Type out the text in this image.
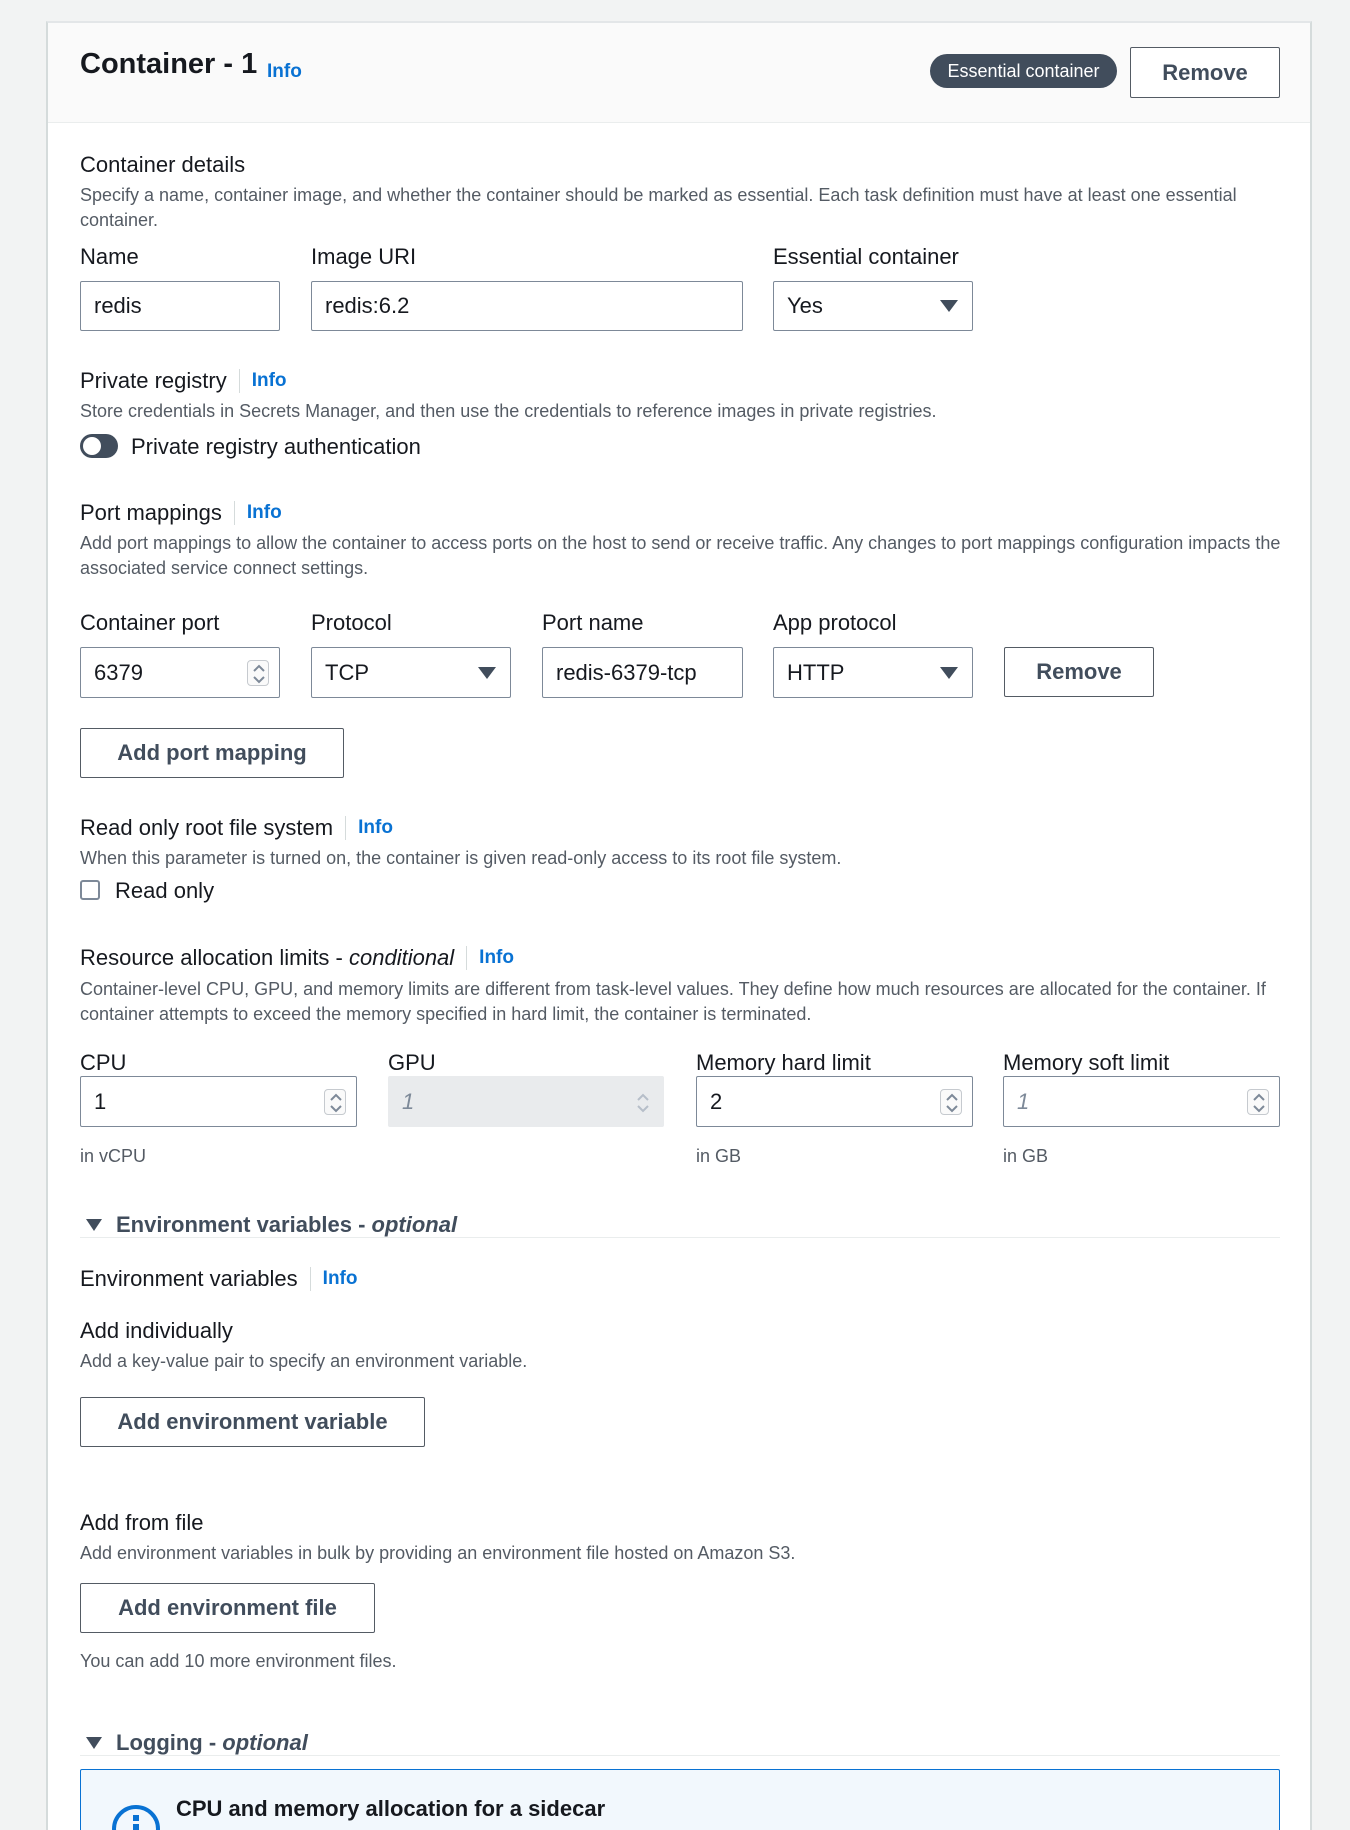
Container - 1 Info	Essential container	Remove
Container details
Specify a name, container image, and whether the container should be marked as essential. Each task definition must have at least one essential container.
Name
redis
Image URI
redis:6.2
Essential container
Yes
Private registry Info
Store credentials in Secrets Manager, and then use the credentials to reference images in private registries.
Private registry authentication
Port mappings Info
Add port mappings to allow the container to access ports on the host to send or receive traffic. Any changes to port mappings configuration impacts the associated service connect settings.
Container port
6379
Protocol
TCP
Port name
redis-6379-tcp
App protocol
HTTP	Remove
Add port mapping
Read only root file system Info
When this parameter is turned on, the container is given read-only access to its root file system.
Read only
Resource allocation limits - conditional Info
Container-level CPU, GPU, and memory limits are different from task-level values. They define how much resources are allocated for the container. If container attempts to exceed the memory specified in hard limit, the container is terminated.
CPU
1
in vCPU
GPU
1
Memory hard limit
2
in GB
Memory soft limit
1
in GB
Environment variables - optional
Environment variables Info
Add individually
Add a key-value pair to specify an environment variable.
Add environment variable
Add from file
Add environment variables in bulk by providing an environment file hosted on Amazon S3.
Add environment file
You can add 10 more environment files.
Logging - optional
CPU and memory allocation for a sidecar
